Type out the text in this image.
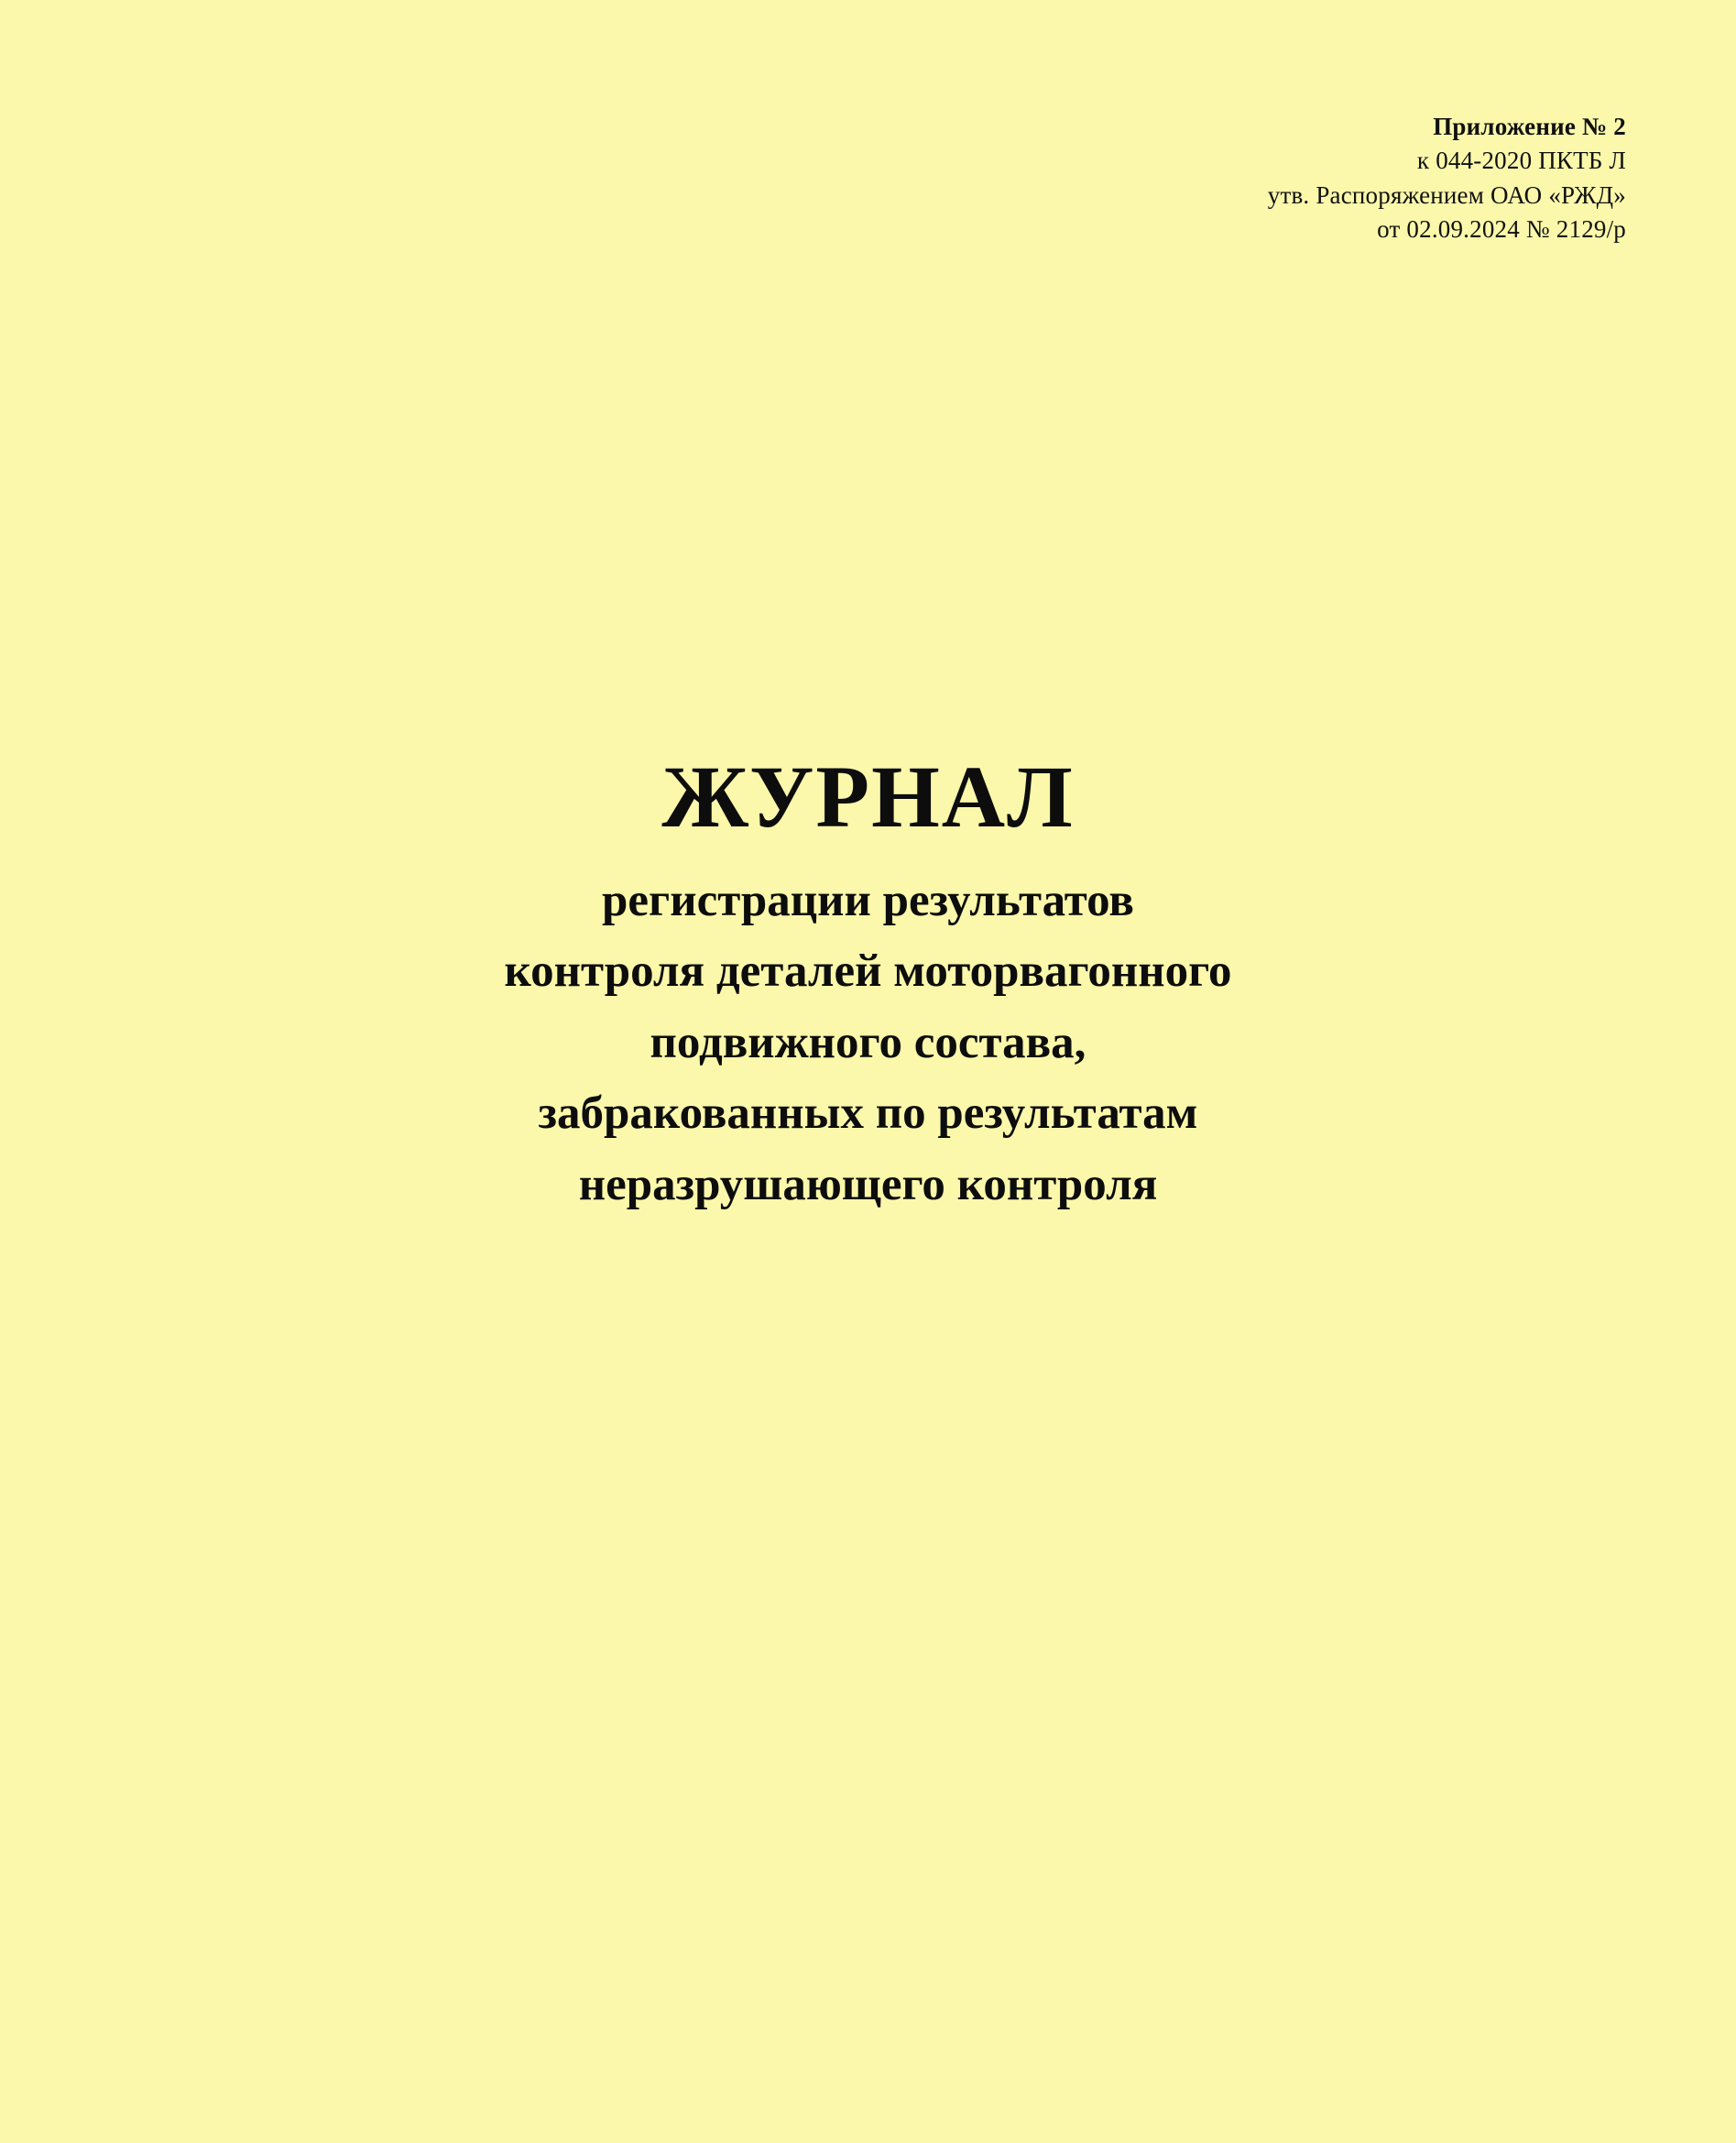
Приложение № 2
к 044-2020 ПКТБ Л
утв. Распоряжением ОАО «РЖД»
от 02.09.2024 № 2129/р
ЖУРНАЛ
регистрации результатов
контроля деталей моторвагонного
подвижного состава,
забракованных по результатам
неразрушающего контроля
